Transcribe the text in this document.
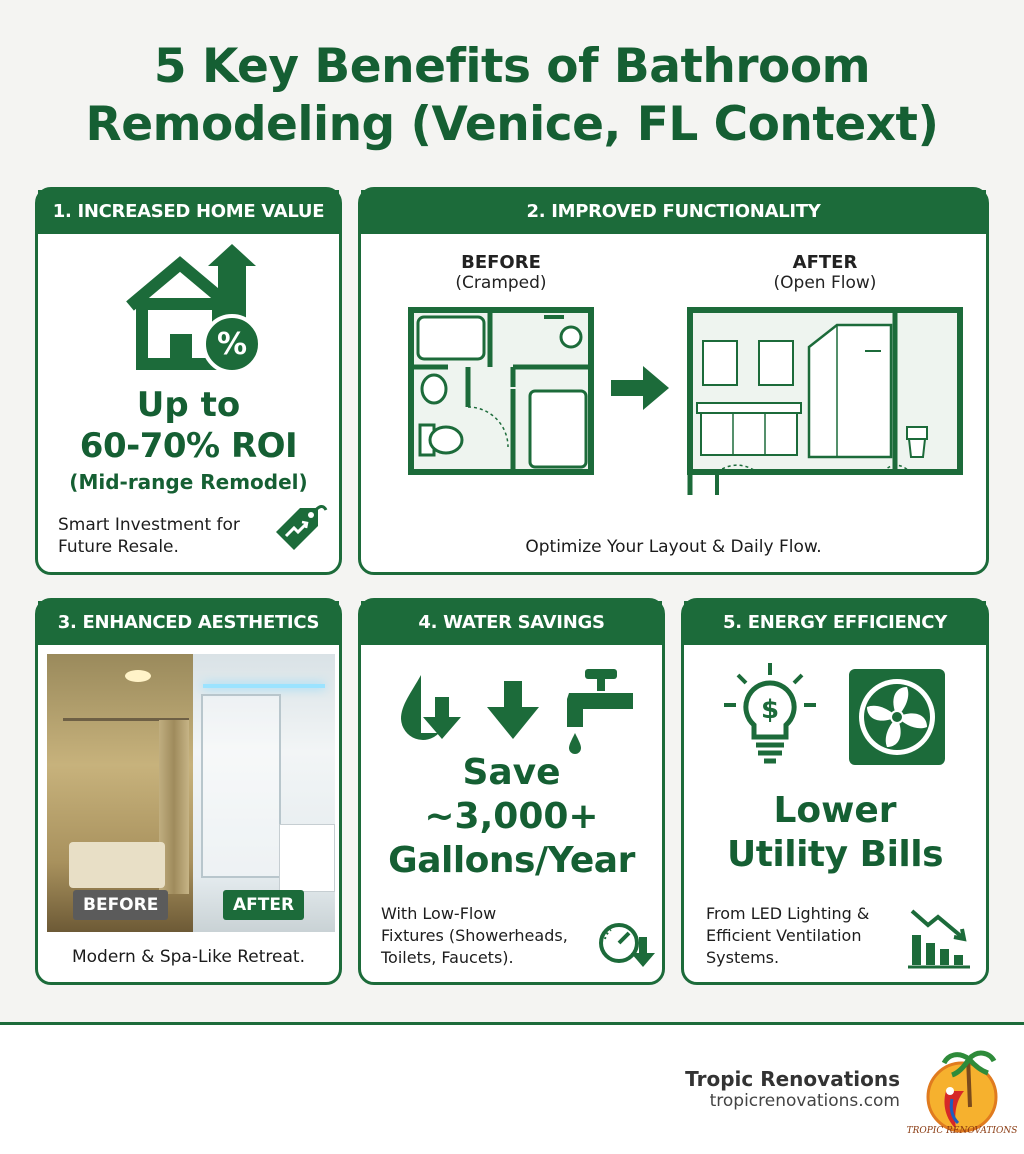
5 Key Benefits of Bathroom
Remodeling (Venice, FL Context)
1. INCREASED HOME VALUE
%
Up to
60-70% ROI
(Mid-range Remodel)
Smart Investment for
Future Resale.
2. IMPROVED FUNCTIONALITY
BEFORE
(Cramped)
AFTER
(Open Flow)
Optimize Your Layout & Daily Flow.
3. ENHANCED AESTHETICS
BEFORE	AFTER
Modern & Spa-Like Retreat.
4. WATER SAVINGS
Save
~3,000+
Gallons/Year
With Low-Flow
Fixtures (Showerheads,
Toilets, Faucets).
5. ENERGY EFFICIENCY
$
Lower
Utility Bills
From LED Lighting &
Efficient Ventilation
Systems.
Tropic Renovations
tropicrenovations.com
TROPIC RENOVATIONS
